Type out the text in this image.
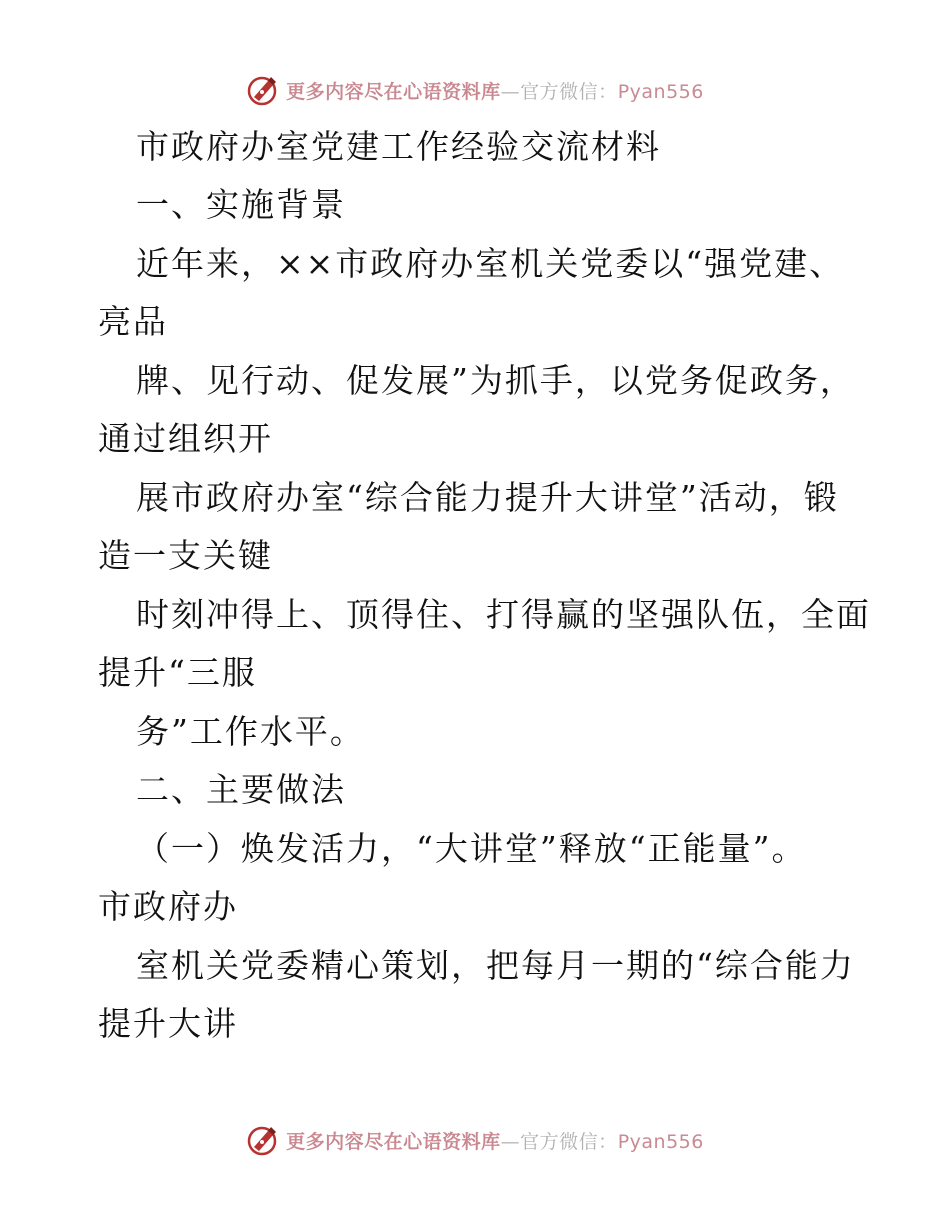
更多内容尽在心语资料库—官方微信：Pyan556
市政府办室党建工作经验交流材料
一、实施背景
近年来，××市政府办室机关党委以“强党建、
亮品
牌、见行动、促发展”为抓手，以党务促政务，
通过组织开
展市政府办室“综合能力提升大讲堂”活动，锻
造一支关键
时刻冲得上、顶得住、打得赢的坚强队伍，全面
提升“三服
务”工作水平。
二、主要做法
（一）焕发活力，“大讲堂”释放“正能量”。
市政府办
室机关党委精心策划，把每月一期的“综合能力
提升大讲
更多内容尽在心语资料库—官方微信：Pyan556
